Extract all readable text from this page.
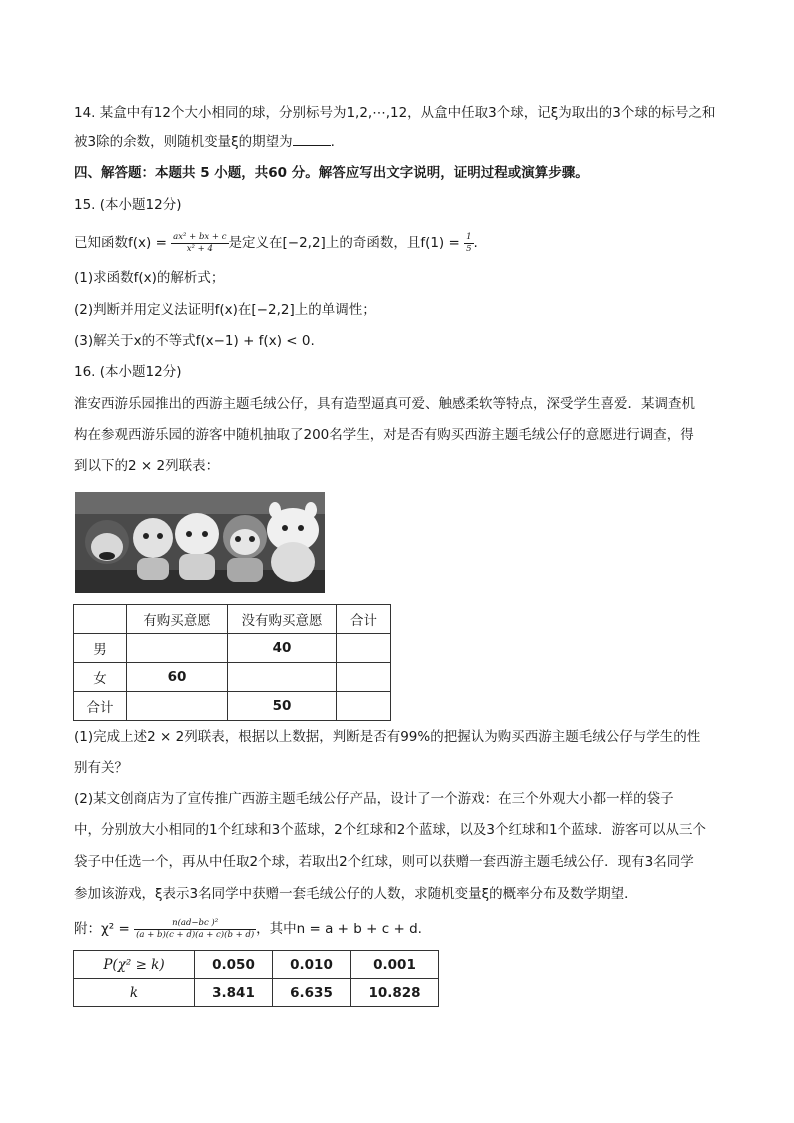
14. 某盒中有12个大小相同的球，分别标号为1,2,⋯,12，从盒中任取3个球，记ξ为取出的3个球的标号之和
被3除的余数，则随机变量ξ的期望为	.
四、解答题：本题共 5 小题，共60 分。解答应写出文字说明，证明过程或演算步骤。
15. (本小题12分)
已知函数$f(x) = \frac{\text{ax² + bx + c}}{\text{x² + 4}}$ 是定义在[−2,2]上的奇函数，且$f(1) = \frac{1}{5}$ .
(1)求函数f(x)的解析式；
(2)判断并用定义法证明f(x)在[−2,2]上的单调性；
(3)解关于x的不等式f(x−1) + f(x) < 0.
16. (本小题12分)
淮安西游乐园推出的西游主题毛绒公仔，具有造型逼真可爱、触感柔软等特点，深受学生喜爱．某调查机
构在参观西游乐园的游客中随机抽取了200名学生，对是否有购买西游主题毛绒公仔的意愿进行调查，得
到以下的2 × 2列联表：
	有购买意愿	没有购买意愿	合计
男		40	
女	60		
合计		50	
(1)完成上述2 × 2列联表，根据以上数据，判断是否有99%的把握认为购买西游主题毛绒公仔与学生的性
别有关？
(2)某文创商店为了宣传推广西游主题毛绒公仔产品，设计了一个游戏：在三个外观大小都一样的袋子
中，分别放大小相同的1个红球和3个蓝球，2个红球和2个蓝球，以及3个红球和1个蓝球．游客可以从三个
袋子中任选一个，再从中任取2个球，若取出2个红球，则可以获赠一套西游主题毛绒公仔．现有3名同学
参加该游戏，ξ表示3名同学中获赠一套毛绒公仔的人数，求随机变量ξ的概率分布及数学期望．
附：$\chi^2 = \frac{\text{n(ad−bc )²}}{(a + b)(c + d)(a + c)(b + d)}$ ，其中n = a + b + c + d.
P(χ² ≥ k)	0.050	0.010	0.001
k	3.841	6.635	10.828
